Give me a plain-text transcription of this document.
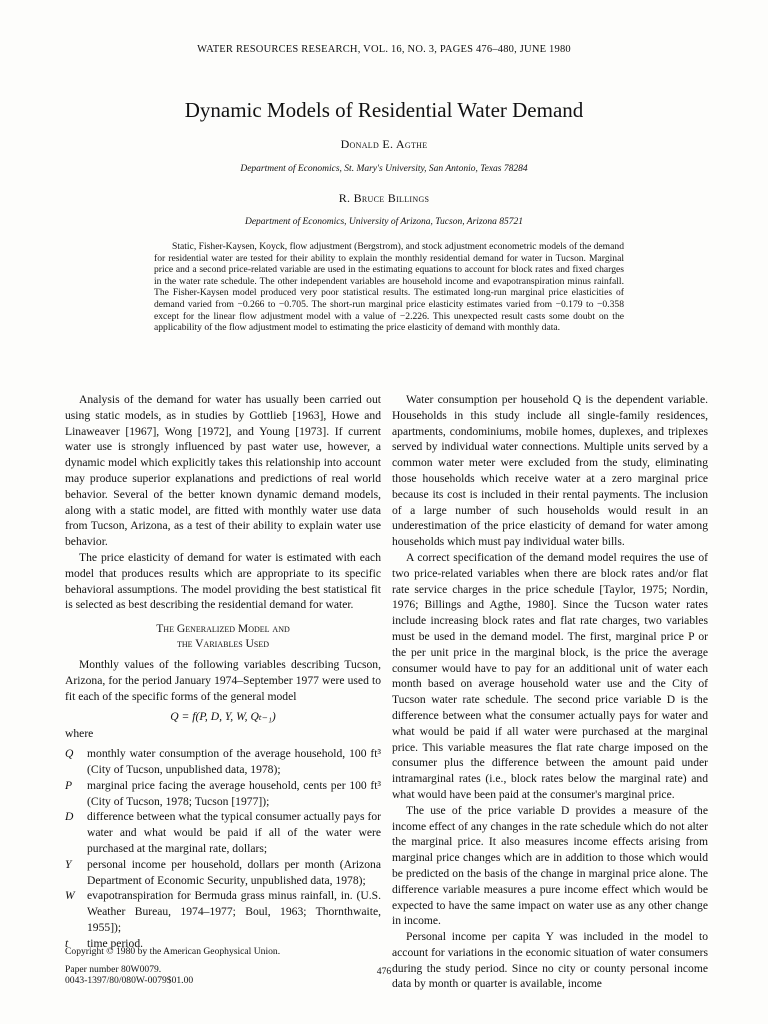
WATER RESOURCES RESEARCH, VOL. 16, NO. 3, PAGES 476–480, JUNE 1980
Dynamic Models of Residential Water Demand
Donald E. Agthe
Department of Economics, St. Mary's University, San Antonio, Texas 78284
R. Bruce Billings
Department of Economics, University of Arizona, Tucson, Arizona 85721

Static, Fisher-Kaysen, Koyck, flow adjustment (Bergstrom), and stock adjustment econometric models of the demand for residential water are tested for their ability to explain the monthly residential demand for water in Tucson. Marginal price and a second price-related variable are used in the estimating equations to account for block rates and fixed charges in the water rate schedule. The other independent variables are household income and evapotranspiration minus rainfall. The Fisher-Kaysen model produced very poor statistical results. The estimated long-run marginal price elasticities of demand varied from −0.266 to −0.705. The short-run marginal price elasticity estimates varied from −0.179 to −0.358 except for the linear flow adjustment model with a value of −2.226. This unexpected result casts some doubt on the applicability of the flow adjustment model to estimating the price elasticity of demand with monthly data.

Analysis of the demand for water has usually been carried out using static models, as in studies by Gottlieb [1963], Howe and Linaweaver [1967], Wong [1972], and Young [1973]. If current water use is strongly influenced by past water use, however, a dynamic model which explicitly takes this relationship into account may produce superior explanations and predictions of real world behavior. Several of the better known dynamic demand models, along with a static model, are fitted with monthly water use data from Tucson, Arizona, as a test of their ability to explain water use behavior.

The price elasticity of demand for water is estimated with each model that produces results which are appropriate to its specific behavioral assumptions. The model providing the best statistical fit is selected as best describing the residential demand for water.

The Generalized Model and
the Variables Used

Monthly values of the following variables describing Tucson, Arizona, for the period January 1974–September 1977 were used to fit each of the specific forms of the general model

Q = f(P, D, Y, W, Qₜ₋₁)
where
Q	monthly water consumption of the average household, 100 ft³ (City of Tucson, unpublished data, 1978);
P	marginal price facing the average household, cents per 100 ft³ (City of Tucson, 1978; Tucson [1977]);
D	difference between what the typical consumer actually pays for water and what would be paid if all of the water were purchased at the marginal rate, dollars;
Y	personal income per household, dollars per month (Arizona Department of Economic Security, unpublished data, 1978);
W	evapotranspiration for Bermuda grass minus rainfall, in. (U.S. Weather Bureau, 1974–1977; Boul, 1963; Thornthwaite, 1955]);
t	time period.

Water consumption per household Q is the dependent variable. Households in this study include all single-family residences, apartments, condominiums, mobile homes, duplexes, and triplexes served by individual water connections. Multiple units served by a common water meter were excluded from the study, eliminating those households which receive water at a zero marginal price because its cost is included in their rental payments. The inclusion of a large number of such households would result in an underestimation of the price elasticity of demand for water among households which must pay individual water bills.

A correct specification of the demand model requires the use of two price-related variables when there are block rates and/or flat rate service charges in the price schedule [Taylor, 1975; Nordin, 1976; Billings and Agthe, 1980]. Since the Tucson water rates include increasing block rates and flat rate charges, two variables must be used in the demand model. The first, marginal price P or the per unit price in the marginal block, is the price the average consumer would have to pay for an additional unit of water each month based on average household water use and the City of Tucson water rate schedule. The second price variable D is the difference between what the consumer actually pays for water and what would be paid if all water were purchased at the marginal price. This variable measures the flat rate charge imposed on the consumer plus the difference between the amount paid under intramarginal rates (i.e., block rates below the marginal rate) and what would have been paid at the consumer's marginal price.

The use of the price variable D provides a measure of the income effect of any changes in the rate schedule which do not alter the marginal price. It also measures income effects arising from marginal price changes which are in addition to those which would be predicted on the basis of the change in marginal price alone. The difference variable measures a pure income effect which would be expected to have the same impact on water use as any other change in income.

Personal income per capita Y was included in the model to account for variations in the economic situation of water consumers during the study period. Since no city or county personal income data by month or quarter is available, income

Copyright © 1980 by the American Geophysical Union.
Paper number 80W0079.
0043-1397/80/080W-0079$01.00
476
